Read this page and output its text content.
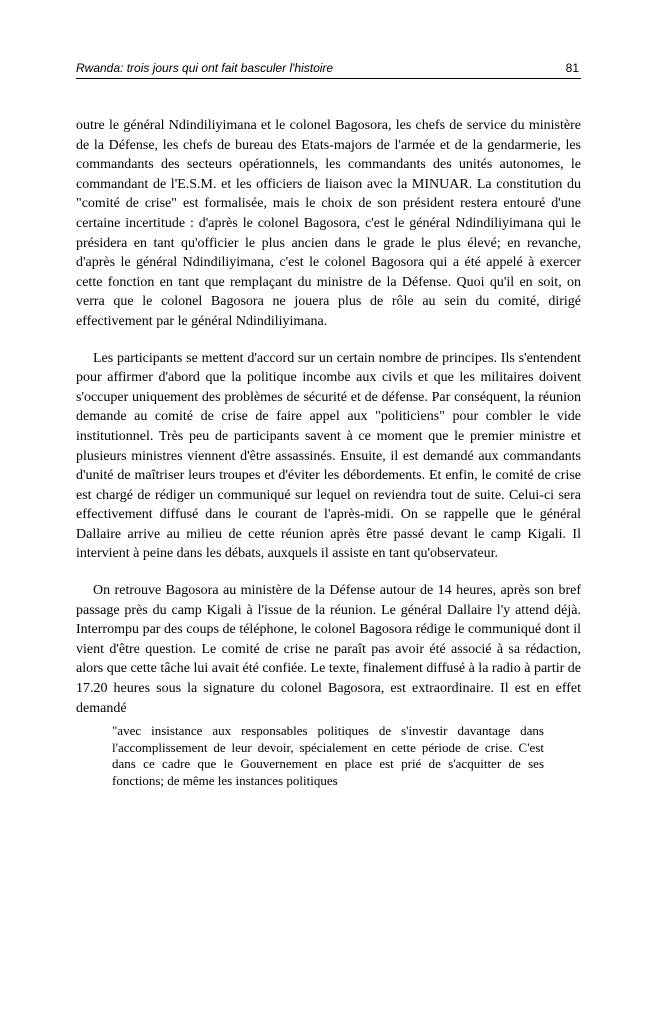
Rwanda: trois jours qui ont fait basculer l'histoire	81

outre le général Ndindiliyimana et le colonel Bagosora, les chefs de service du ministère de la Défense, les chefs de bureau des Etats-majors de l'armée et de la gendarmerie, les commandants des secteurs opérationnels, les commandants des unités autonomes, le commandant de l'E.S.M. et les officiers de liaison avec la MINUAR. La constitution du "comité de crise" est formalisée, mais le choix de son président restera entouré d'une certaine incertitude : d'après le colonel Bagosora, c'est le général Ndindiliyimana qui le présidera en tant qu'officier le plus ancien dans le grade le plus élevé; en revanche, d'après le général Ndindiliyimana, c'est le colonel Bagosora qui a été appelé à exercer cette fonction en tant que remplaçant du ministre de la Défense. Quoi qu'il en soit, on verra que le colonel Bagosora ne jouera plus de rôle au sein du comité, dirigé effectivement par le général Ndindiliyimana.

Les participants se mettent d'accord sur un certain nombre de principes. Ils s'entendent pour affirmer d'abord que la politique incombe aux civils et que les militaires doivent s'occuper uniquement des problèmes de sécurité et de défense. Par conséquent, la réunion demande au comité de crise de faire appel aux "politiciens" pour combler le vide institutionnel. Très peu de participants savent à ce moment que le premier ministre et plusieurs ministres viennent d'être assassinés. Ensuite, il est demandé aux commandants d'unité de maîtriser leurs troupes et d'éviter les débordements. Et enfin, le comité de crise est chargé de rédiger un communiqué sur lequel on reviendra tout de suite. Celui-ci sera effectivement diffusé dans le courant de l'après-midi. On se rappelle que le général Dallaire arrive au milieu de cette réunion après être passé devant le camp Kigali. Il intervient à peine dans les débats, auxquels il assiste en tant qu'observateur.

On retrouve Bagosora au ministère de la Défense autour de 14 heures, après son bref passage près du camp Kigali à l'issue de la réunion. Le général Dallaire l'y attend déjà. Interrompu par des coups de téléphone, le colonel Bagosora rédige le communiqué dont il vient d'être question. Le comité de crise ne paraît pas avoir été associé à sa rédaction, alors que cette tâche lui avait été confiée. Le texte, finalement diffusé à la radio à partir de 17.20 heures sous la signature du colonel Bagosora, est extraordinaire. Il est en effet demandé

"avec insistance aux responsables politiques de s'investir davantage dans l'accomplissement de leur devoir, spécialement en cette période de crise. C'est dans ce cadre que le Gouvernement en place est prié de s'acquitter de ses fonctions; de même les instances politiques
